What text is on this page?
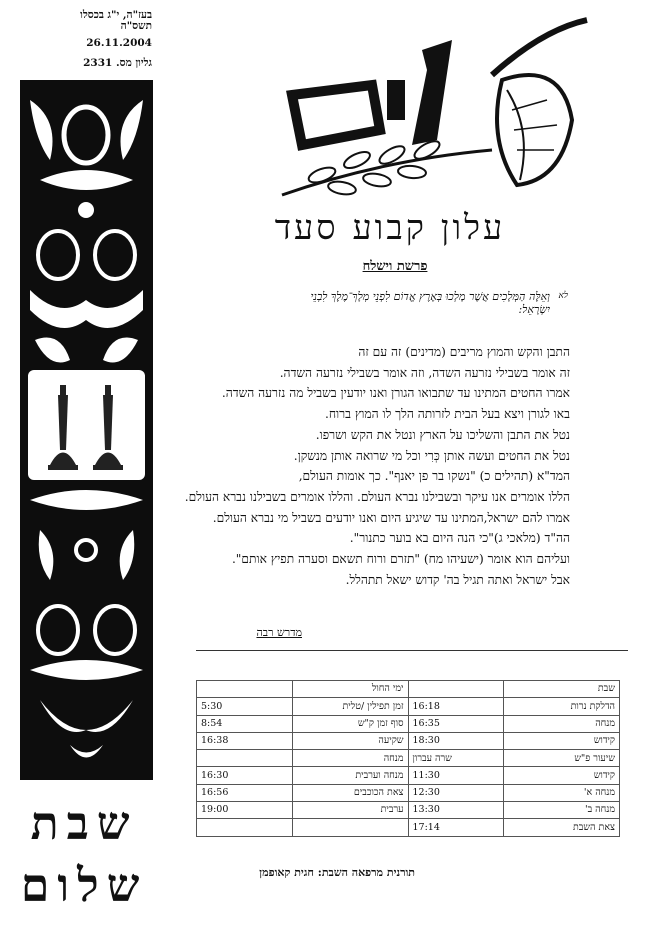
בעז"ה, י"ג בכסלו תשס"ה
26.11.2004
גליון מס. 2331
שבת
שלום
עלון קבוע סעד
פרשת וישלח
לא
וְאֵלֶּה הַמְּלָכִים אֲשֶׁר מָלְכוּ בְּאֶרֶץ אֱדוֹם לִפְנֵי מְלָךְ־מֶלֶךְ לִבְנֵי יִשְׂרָאֵל:
התבן והקש והמוץ מריבים (מדינים) זה עם זה
זה אומר בשבילי נזרעה השדה, וזה אומר בשבילי נזרעה השדה.
אמרו החטים המתינו עד שתבואו הגורן ואנו יודעין בשביל מה נזרעה השדה.
באו לגורן ויצא בעל הבית לזרותה הלך לו המוץ ברוח.
נטל את התבן והשליכו על הארץ ונטל את הקש ושרפו.
נטל את החטים ועשה אותן כְּרִי וכל מי שרואה אותן מנשקן.
המד"א (תהילים כ) "נשקו בר פן יאנף". כך אומות העולם,
הללו אומרים אנו עיקר ובשבילנו נברא העולם. והללו אומרים בשבילנו נברא העולם.
אמרו להם ישראל,המתינו עד שיגיע היום ואנו יודעים בשביל מי נברא העולם.
הה"ד (מלאכי ג)"כי הנה היום בא בוער כתנור".
ועליהם הוא אומר (ישעיהו מח) "תזרם ורוח תשאם וסערה תפיץ אותם".
אבל ישראל ואתה תגיל בה' קדוש ישאל תתהלל.
מדרש רבה
שבת		ימי החול	
הדלקת נרות	16:18	זמן תפילין /טלית	5:30
מנחה	16:35	סוף זמן ק"ש	8:54
קידוש	18:30	שקיעה	16:38
שיעור פ"ש	שרה עברון	מנחה	
קידוש	11:30	מנחה וערבית	16:30
מנחה א'	12:30	צאת הכוכבים	16:56
מנחה ב'	13:30	ערבית	19:00
צאת השבת	17:14		
תורנית מרפאה השבת: חגית קאופמן
